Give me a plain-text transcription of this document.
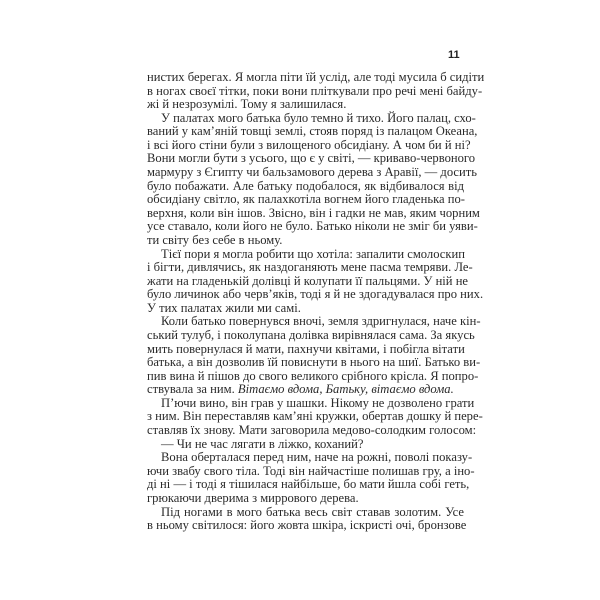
11
нистих берегах. Я могла піти їй услід, але тоді мусила б сидіти
в ногах своєї тітки, поки вони пліткували про речі мені байду-
жі й незрозумілі. Тому я залишилася.
У палатах мого батька було темно й тихо. Його палац, схо-
ваний у кам’яній товщі землі, стояв поряд із палацом Океана,
і всі його стіни були з вилощеного обсидіану. А чом би й ні?
Вони могли бути з усього, що є у світі, — криваво-червоного
мармуру з Єгипту чи бальзамового дерева з Аравії, — досить
було побажати. Але батьку подобалося, як відбивалося від
обсидіану світло, як палахкотіла вогнем його гладенька по-
верхня, коли він ішов. Звісно, він і гадки не мав, яким чорним
усе ставало, коли його не було. Батько ніколи не зміг би уяви-
ти світу без себе в ньому.
Тієї пори я могла робити що хотіла: запалити смолоскип
і бігти, дивлячись, як наздоганяють мене пасма темряви. Ле-
жати на гладенькій долівці й колупати її пальцями. У ній не
було личинок або черв’яків, тоді я й не здогадувалася про них.
У тих палатах жили ми самі.
Коли батько повернувся вночі, земля здригнулася, наче кін-
ський тулуб, і поколупана долівка вирівнялася сама. За якусь
мить повернулася й мати, пахнучи квітами, і побігла вітати
батька, а він дозволив їй повиснути в нього на шиї. Батько ви-
пив вина й пішов до свого великого срібного крісла. Я попро-
ствувала за ним. Вітаємо вдома, Батьку, вітаємо вдома.
П’ючи вино, він грав у шашки. Нікому не дозволено грати
з ним. Він переставляв кам’яні кружки, обертав дошку й пере-
ставляв їх знову. Мати заговорила медово-солодким голосом:
— Чи не час лягати в ліжко, коханий?
Вона оберталася перед ним, наче на рожні, поволі показу-
ючи звабу свого тіла. Тоді він найчастіше полишав гру, а іно-
ді ні — і тоді я тішилася найбільше, бо мати йшла собі геть,
грюкаючи дверима з миррового дерева.
Під ногами в мого батька весь світ ставав золотим. Усе
в ньому світилося: його жовта шкіра, іскристі очі, бронзове
